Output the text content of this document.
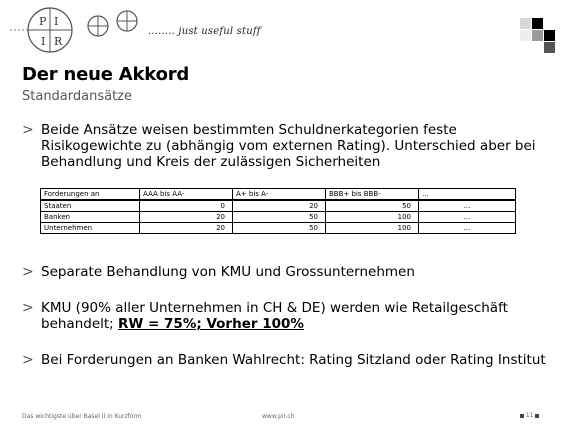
P I
I R
........ just useful stuff
Der neue Akkord
Standardansätze
> Beide Ansätze weisen bestimmten Schuldnerkategorien feste Risikogewichte zu (abhängig vom externen Rating). Unterschied aber bei Behandlung und Kreis der zulässigen Sicherheiten
Forderungen an	AAA bis AA-	A+ bis A-	BBB+ bis BBB-	...
Staaten	0	20	50	...
Banken	20	50	100	...
Unternehmen	20	50	100	...
> Separate Behandlung von KMU und Grossunternehmen
> KMU (90% aller Unternehmen in CH & DE) werden wie Retailgeschäft behandelt; RW = 75%; Vorher 100%
> Bei Forderungen an Banken Wahlrecht: Rating Sitzland oder Rating Institut
Das wichtigste über Basel II in Kurzform	www.pir.ch	11
